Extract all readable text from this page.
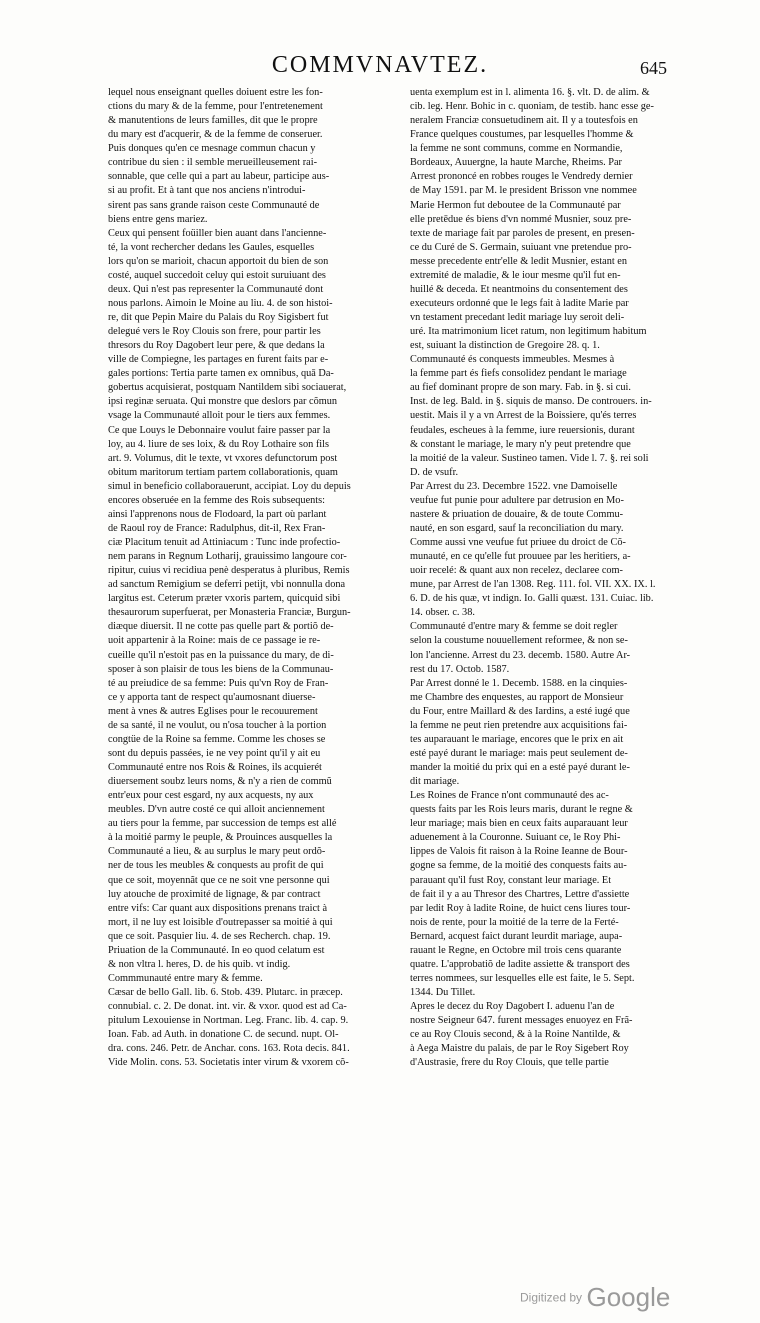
COMMVNAVTEZ.	645
lequel nous enseignant quelles doiuent estre les fon-
ctions du mary & de la femme, pour l'entretenement
& manutentions de leurs familles, dit que le propre
du mary est d'acquerir, & de la femme de conseruer.
Puis donques qu'en ce mesnage commun chacun y
contribue du sien : il semble merueilleusement rai-
sonnable, que celle qui a part au labeur, participe aus-
si au profit. Et à tant que nos anciens n'introdui-
sirent pas sans grande raison ceste Communauté de
biens entre gens mariez.
Ceux qui pensent foüiller bien auant dans l'ancienne-
té, la vont rechercher dedans les Gaules, esquelles
lors qu'on se marioit, chacun apportoit du bien de son
costé, auquel succedoit celuy qui estoit suruiuant des
deux. Qui n'est pas representer la Communauté dont
nous parlons. Aimoin le Moine au liu. 4. de son histoi-
re, dit que Pepin Maire du Palais du Roy Sigisbert fut
delegué vers le Roy Clouis son frere, pour partir les
thresors du Roy Dagobert leur pere, & que dedans la
ville de Compiegne, les partages en furent faits par e-
gales portions: Tertia parte tamen ex omnibus, quā Da-
gobertus acquisierat, postquam Nantildem sibi sociauerat,
ipsi reginæ seruata. Qui monstre que deslors par cõmun
vsage la Communauté alloit pour le tiers aux femmes.
Ce que Louys le Debonnaire voulut faire passer par la
loy, au 4. liure de ses loix, & du Roy Lothaire son fils
art. 9. Volumus, dit le texte, vt vxores defunctorum post
obitum maritorum tertiam partem collaborationis, quam
simul in beneficio collaborauerunt, accipiat. Loy du depuis
encores obseruée en la femme des Rois subsequents:
ainsi l'apprenons nous de Flodoard, la part où parlant
de Raoul roy de France: Radulphus, dit-il, Rex Fran-
ciæ Placitum tenuit ad Attiniacum : Tunc inde profectio-
nem parans in Regnum Lotharij, grauissimo langoure cor-
ripitur, cuius vi recidiua penè desperatus à pluribus, Remis
ad sanctum Remigium se deferri petijt, vbi nonnulla dona
largitus est. Ceterum præter vxoris partem, quicquid sibi
thesaurorum superfuerat, per Monasteria Franciæ, Burgun-
diæque diuersit. Il ne cotte pas quelle part & portiõ de-
uoit appartenir à la Roine: mais de ce passage ie re-
cueille qu'il n'estoit pas en la puissance du mary, de di-
sposer à son plaisir de tous les biens de la Communau-
té au preiudice de sa femme: Puis qu'vn Roy de Fran-
ce y apporta tant de respect qu'aumosnant diuerse-
ment à vnes & autres Eglises pour le recouurement
de sa santé, il ne voulut, ou n'osa toucher à la portion
congtüe de la Roine sa femme. Comme les choses se
sont du depuis passées, ie ne vey point qu'il y ait eu
Communauté entre nos Rois & Roines, ils acquierét
diuersement soubz leurs noms, & n'y a rien de commũ
entr'eux pour cest esgard, ny aux acquests, ny aux
meubles. D'vn autre costé ce qui alloit anciennement
au tiers pour la femme, par succession de temps est allé
à la moitié parmy le peuple, & Prouinces ausquelles la
Communauté a lieu, & au surplus le mary peut ordõ-
ner de tous les meubles & conquests au profit de qui
que ce soit, moyennãt que ce ne soit vne personne qui
luy atouche de proximité de lignage, & par contract
entre vifs: Car quant aux dispositions prenans traict à
mort, il ne luy est loisible d'outrepasser sa moitié à qui
que ce soit. Pasquier liu. 4. de ses Recherch. chap. 19.
Priuation de la Communauté. In eo quod celatum est
& non vltra l. heres, D. de his quib. vt indig.
Commmunauté entre mary & femme.
Cæsar de bello Gall. lib. 6. Stob. 439. Plutarc. in præcep.
connubial. c. 2. De donat. int. vir. & vxor. quod est ad Ca-
pitulum Lexouiense in Nortman. Leg. Franc. lib. 4. cap. 9.
Ioan. Fab. ad Auth. in donatione C. de secund. nupt. Ol-
dra. cons. 246. Petr. de Anchar. cons. 163. Rota decis. 841.
Vide Molin. cons. 53. Societatis inter virum & vxorem cõ-
uenta exemplum est in l. alimenta 16. §. vlt. D. de alim. &
cib. leg. Henr. Bohic in c. quoniam, de testib. hanc esse ge-
neralem Franciæ consuetudinem ait. Il y a toutesfois en
France quelques coustumes, par lesquelles l'homme &
la femme ne sont communs, comme en Normandie,
Bordeaux, Auuergne, la haute Marche, Rheims. Par
Arrest prononcé en robbes rouges le Vendredy dernier
de May 1591. par M. le president Brisson vne nommee
Marie Hermon fut deboutee de la Communauté par
elle pretēdue és biens d'vn nommé Musnier, souz pre-
texte de mariage fait par paroles de present, en presen-
ce du Curé de S. Germain, suiuant vne pretendue pro-
messe precedente entr'elle & ledit Musnier, estant en
extremité de maladie, & le iour mesme qu'il fut en-
huillé & deceda. Et neantmoins du consentement des
executeurs ordonné que le legs fait à ladite Marie par
vn testament precedant ledit mariage luy seroit deli-
uré. Ita matrimonium licet ratum, non legitimum habitum
est, suiuant la distinction de Gregoire 28. q. 1.
Communauté és conquests immeubles. Mesmes à
la femme part és fiefs consolidez pendant le mariage
au fief dominant propre de son mary. Fab. in §. si cui.
Inst. de leg. Bald. in §. siquis de manso. De controuers. in-
uestit. Mais il y a vn Arrest de la Boissiere, qu'és terres
feudales, escheues à la femme, iure reuersionis, durant
& constant le mariage, le mary n'y peut pretendre que
la moitié de la valeur. Sustineo tamen. Vide l. 7. §. rei soli
D. de vsufr.
Par Arrest du 23. Decembre 1522. vne Damoiselle
veufue fut punie pour adultere par detrusion en Mo-
nastere & priuation de douaire, & de toute Commu-
nauté, en son esgard, sauf la reconciliation du mary.
Comme aussi vne veufue fut priuee du droict de Cõ-
munauté, en ce qu'elle fut prouuee par les heritiers, a-
uoir recelé: & quant aux non recelez, declaree com-
mune, par Arrest de l'an 1308. Reg. 111. fol. VII. XX. IX. l.
6. D. de his quæ, vt indign. Io. Galli quæst. 131. Cuiac. lib.
14. obser. c. 38.
Communauté d'entre mary & femme se doit regler
selon la coustume nouuellement reformee, & non se-
lon l'ancienne. Arrest du 23. decemb. 1580. Autre Ar-
rest du 17. Octob. 1587.
Par Arrest donné le 1. Decemb. 1588. en la cinquies-
me Chambre des enquestes, au rapport de Monsieur
du Four, entre Maillard & des Iardins, a esté iugé que
la femme ne peut rien pretendre aux acquisitions fai-
tes auparauant le mariage, encores que le prix en ait
esté payé durant le mariage: mais peut seulement de-
mander la moitié du prix qui en a esté payé durant le-
dit mariage.
Les Roines de France n'ont communauté des ac-
quests faits par les Rois leurs maris, durant le regne &
leur mariage; mais bien en ceux faits auparauant leur
aduenement à la Couronne. Suiuant ce, le Roy Phi-
lippes de Valois fit raison à la Roine Ieanne de Bour-
gogne sa femme, de la moitié des conquests faits au-
parauant qu'il fust Roy, constant leur mariage. Et
de fait il y a au Thresor des Chartres, Lettre d'assiette
par ledit Roy à ladite Roine, de huict cens liures tour-
nois de rente, pour la moitié de la terre de la Ferté-
Bernard, acquest faict durant leurdit mariage, aupa-
rauant le Regne, en Octobre mil trois cens quarante
quatre. L'approbatiõ de ladite assiette & transport des
terres nommees, sur lesquelles elle est faite, le 5. Sept.
1344. Du Tillet.
Apres le decez du Roy Dagobert I. aduenu l'an de
nostre Seigneur 647. furent messages enuoyez en Frã-
ce au Roy Clouis second, & à la Roine Nantilde, &
à Aega Maistre du palais, de par le Roy Sigebert Roy
d'Austrasie, frere du Roy Clouis, que telle partie
Digitized by Google
